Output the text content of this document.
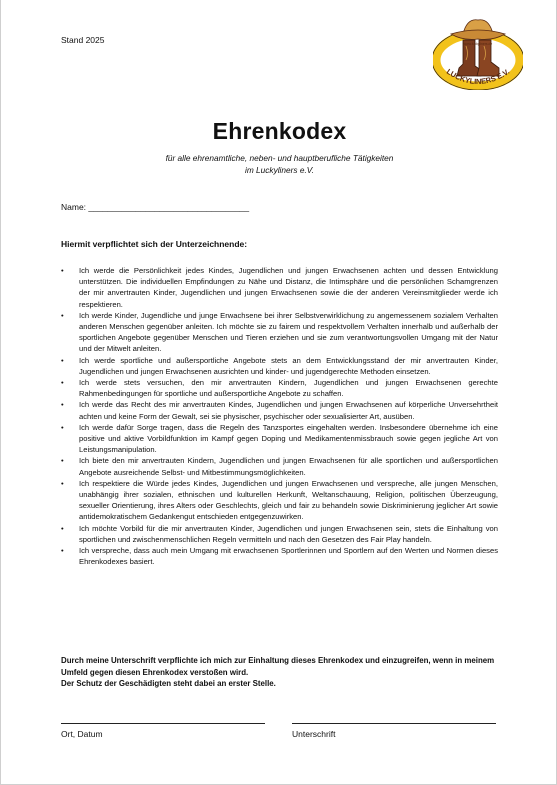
Stand 2025	www.luckyliners.de
LUCKYLINERS E.V.
Ehrenkodex
für alle ehrenamtliche, neben- und hauptberufliche Tätigkeiten
im Luckyliners e.V.
Name: __________________________________
Hiermit verpflichtet sich der Unterzeichnende:
• Ich werde die Persönlichkeit jedes Kindes, Jugendlichen und jungen Erwachsenen achten und dessen Entwicklung unterstützen. Die individuellen Empfindungen zu Nähe und Distanz, die Intimsphäre und die persönlichen Schamgrenzen der mir anvertrauten Kinder, Jugendlichen und jungen Erwachsenen sowie die der anderen Vereinsmitglieder werde ich respektieren.
• Ich werde Kinder, Jugendliche und junge Erwachsene bei ihrer Selbstverwirklichung zu angemessenem sozialem Verhalten anderen Menschen gegenüber anleiten. Ich möchte sie zu fairem und respektvollem Verhalten innerhalb und außerhalb der sportlichen Angebote gegenüber Menschen und Tieren erziehen und sie zum verantwortungsvollen Umgang mit der Natur und der Mitwelt anleiten.
• Ich werde sportliche und außersportliche Angebote stets an dem Entwicklungsstand der mir anvertrauten Kinder, Jugendlichen und jungen Erwachsenen ausrichten und kinder- und jugendgerechte Methoden einsetzen.
• Ich werde stets versuchen, den mir anvertrauten Kindern, Jugendlichen und jungen Erwachsenen gerechte Rahmenbedingungen für sportliche und außersportliche Angebote zu schaffen.
• Ich werde das Recht des mir anvertrauten Kindes, Jugendlichen und jungen Erwachsenen auf körperliche Unversehrtheit achten und keine Form der Gewalt, sei sie physischer, psychischer oder sexualisierter Art, ausüben.
• Ich werde dafür Sorge tragen, dass die Regeln des Tanzsportes eingehalten werden. Insbesondere übernehme ich eine positive und aktive Vorbildfunktion im Kampf gegen Doping und Medikamentenmissbrauch sowie gegen jegliche Art von Leistungsmanipulation.
• Ich biete den mir anvertrauten Kindern, Jugendlichen und jungen Erwachsenen für alle sportlichen und außersportlichen Angebote ausreichende Selbst- und Mitbestimmungsmöglichkeiten.
• Ich respektiere die Würde jedes Kindes, Jugendlichen und jungen Erwachsenen und verspreche, alle jungen Menschen, unabhängig ihrer sozialen, ethnischen und kulturellen Herkunft, Weltanschauung, Religion, politischen Überzeugung, sexueller Orientierung, ihres Alters oder Geschlechts, gleich und fair zu behandeln sowie Diskriminierung jeglicher Art sowie antidemokratischem Gedankengut entschieden entgegenzuwirken.
• Ich möchte Vorbild für die mir anvertrauten Kinder, Jugendlichen und jungen Erwachsenen sein, stets die Einhaltung von sportlichen und zwischenmenschlichen Regeln vermitteln und nach den Gesetzen des Fair Play handeln.
• Ich verspreche, dass auch mein Umgang mit erwachsenen Sportlerinnen und Sportlern auf den Werten und Normen dieses Ehrenkodexes basiert.
Durch meine Unterschrift verpflichte ich mich zur Einhaltung dieses Ehrenkodex und einzugreifen, wenn in meinem Umfeld gegen diesen Ehrenkodex verstoßen wird.
Der Schutz der Geschädigten steht dabei an erster Stelle.
Ort, Datum	Unterschrift
